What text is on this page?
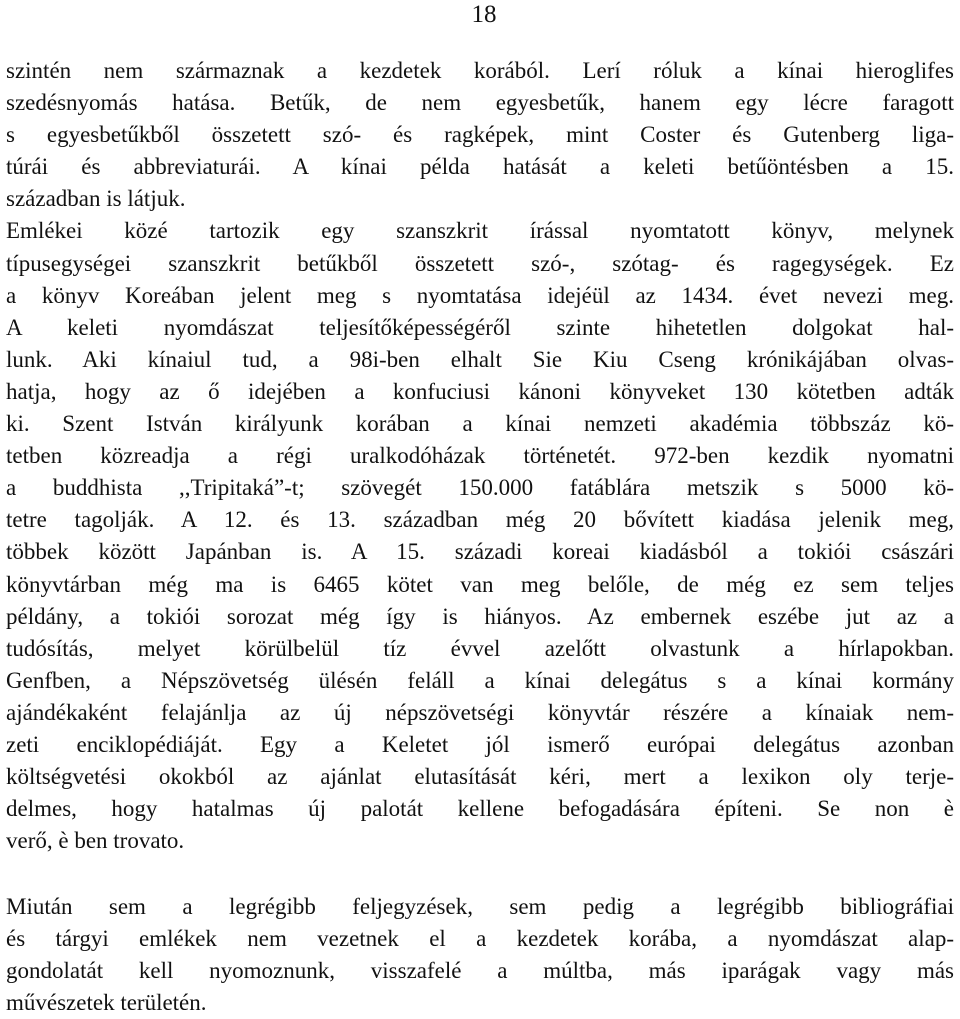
18
szintén nem származnak a kezdetek korából. Lerí róluk a kínai hieroglifes
szedésnyomás hatása. Betűk, de nem egyesbetűk, hanem egy lécre faragott
s egyesbetűkből összetett szó- és ragképek, mint Coster és Gutenberg liga-
túrái és abbreviaturái. A kínai példa hatását a keleti betűöntésben a 15.
században is látjuk.
Emlékei közé tartozik egy szanszkrit írással nyomtatott könyv, melynek
típusegységei szanszkrit betűkből összetett szó-, szótag- és ragegységek. Ez
a könyv Koreában jelent meg s nyomtatása idejéül az 1434. évet nevezi meg.
A keleti nyomdászat teljesítőképességéről szinte hihetetlen dolgokat hal-
lunk. Aki kínaiul tud, a 98i-ben elhalt Sie Kiu Cseng krónikájában olvas-
hatja, hogy az ő idejében a konfuciusi kánoni könyveket 130 kötetben adták
ki. Szent István királyunk korában a kínai nemzeti akadémia többszáz kö-
tetben közreadja a régi uralkodóházak történetét. 972-ben kezdik nyomatni
a buddhista ,,Tripitaká”-t; szövegét 150.000 fatáblára metszik s 5000 kö-
tetre tagolják. A 12. és 13. században még 20 bővített kiadása jelenik meg,
többek között Japánban is. A 15. századi koreai kiadásból a tokiói császári
könyvtárban még ma is 6465 kötet van meg belőle, de még ez sem teljes
példány, a tokiói sorozat még így is hiányos. Az embernek eszébe jut az a
tudósítás, melyet körülbelül tíz évvel azelőtt olvastunk a hírlapokban.
Genfben, a Népszövetség ülésén feláll a kínai delegátus s a kínai kormány
ajándékaként felajánlja az új népszövetségi könyvtár részére a kínaiak nem-
zeti enciklopédiáját. Egy a Keletet jól ismerő európai delegátus azonban
költségvetési okokból az ajánlat elutasítását kéri, mert a lexikon oly terje-
delmes, hogy hatalmas új palotát kellene befogadására építeni. Se non è
verő, è ben trovato.
Miután sem a legrégibb feljegyzések, sem pedig a legrégibb bibliográfiai
és tárgyi emlékek nem vezetnek el a kezdetek korába, a nyomdászat alap-
gondolatát kell nyomoznunk, visszafelé a múltba, más iparágak vagy más
művészetek területén.
